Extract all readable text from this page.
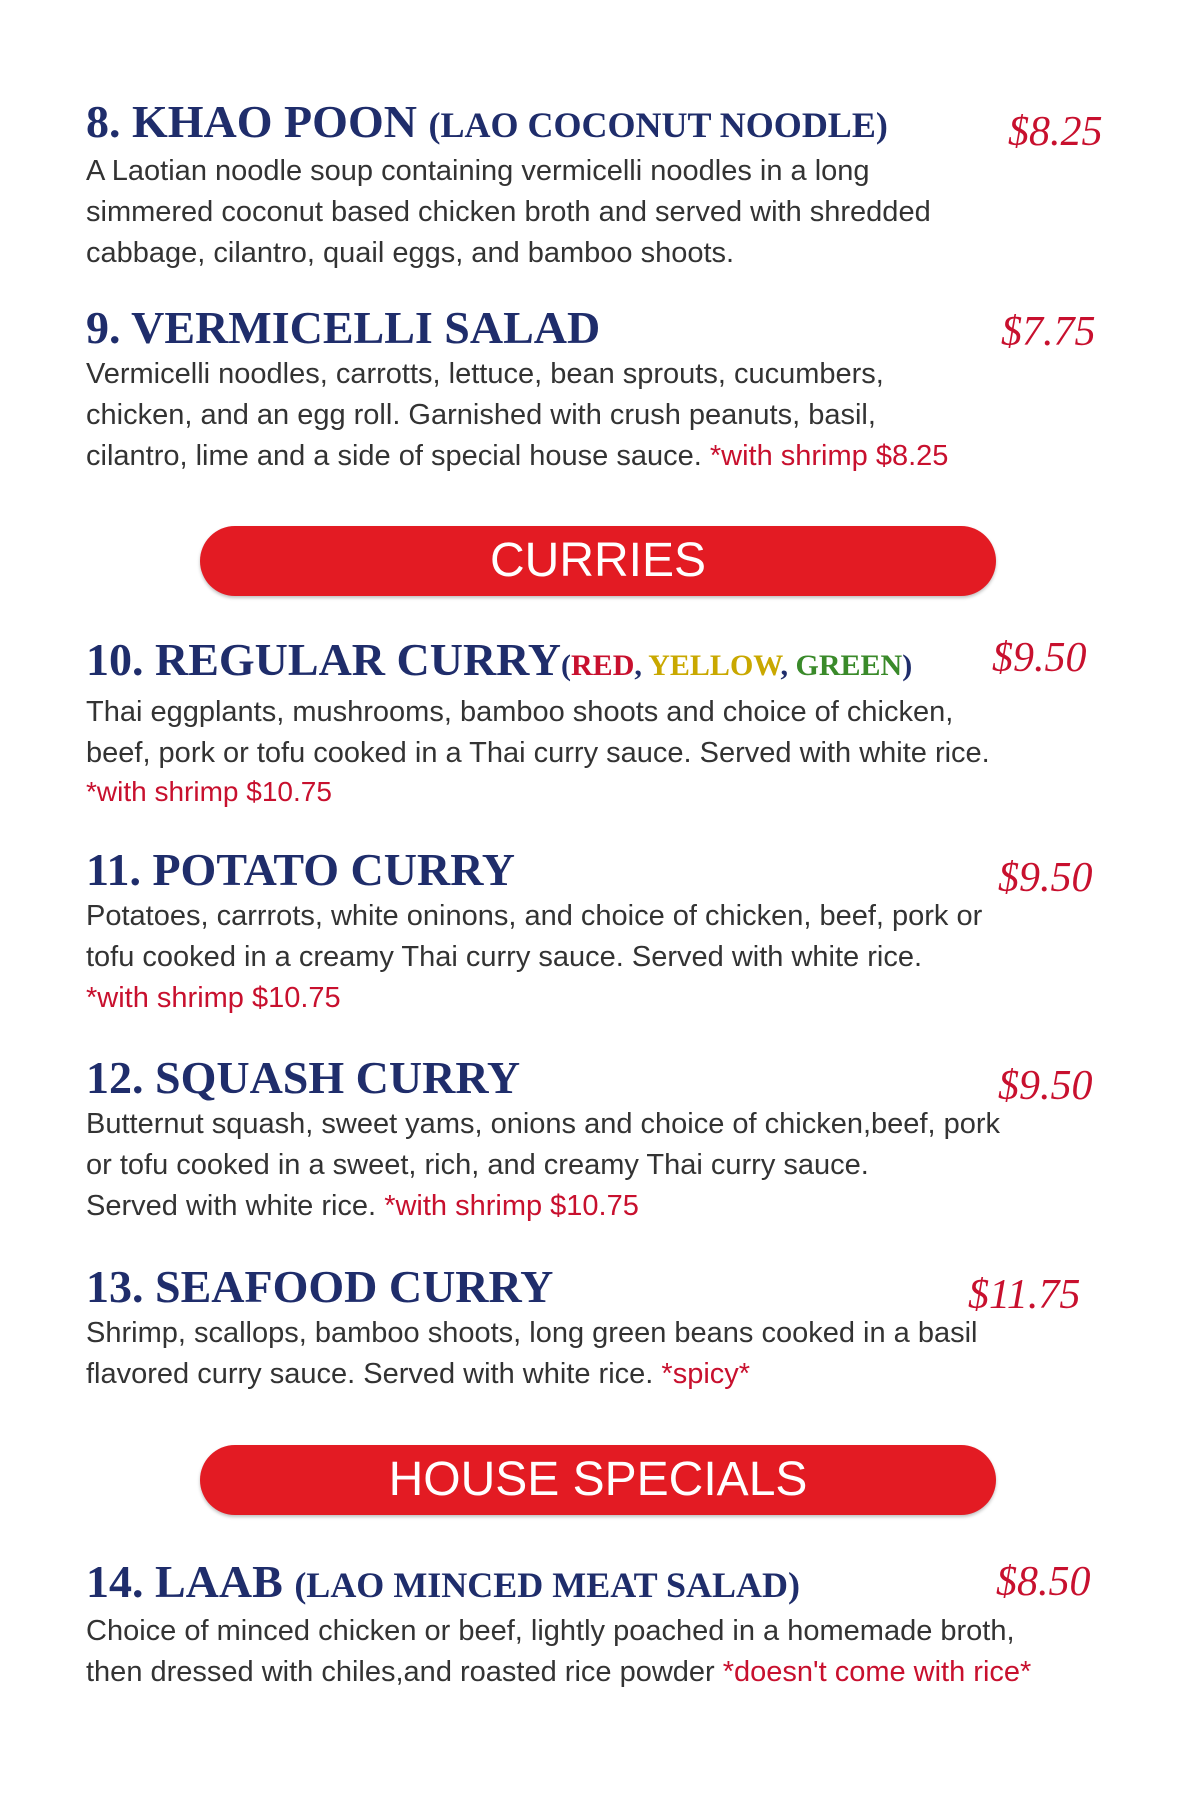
8. KHAO POON (LAO COCONUT NOODLE)	$8.25
A Laotian noodle soup containing vermicelli noodles in a long
simmered coconut based chicken broth and served with shredded
cabbage, cilantro, quail eggs, and bamboo shoots.
9. VERMICELLI SALAD	$7.75
Vermicelli noodles, carrotts, lettuce, bean sprouts, cucumbers,
chicken, and an egg roll. Garnished with crush peanuts, basil,
cilantro, lime and a side of special house sauce. *with shrimp $8.25
CURRIES
10. REGULAR CURRY(RED, YELLOW, GREEN)	$9.50
Thai eggplants, mushrooms, bamboo shoots and choice of chicken,
beef, pork or tofu cooked in a Thai curry sauce. Served with white rice.
*with shrimp $10.75
11. POTATO CURRY	$9.50
Potatoes, carrrots, white oninons, and choice of chicken, beef, pork or
tofu cooked in a creamy Thai curry sauce. Served with white rice.
*with shrimp $10.75
12. SQUASH CURRY	$9.50
Butternut squash, sweet yams, onions and choice of chicken,beef, pork
or tofu cooked in a sweet, rich, and creamy Thai curry sauce.
Served with white rice. *with shrimp $10.75
13. SEAFOOD CURRY	$11.75
Shrimp, scallops, bamboo shoots, long green beans cooked in a basil
flavored curry sauce. Served with white rice. *spicy*
HOUSE SPECIALS
14. LAAB (LAO MINCED MEAT SALAD)	$8.50
Choice of minced chicken or beef, lightly poached in a homemade broth,
then dressed with chiles,and roasted rice powder *doesn't come with rice*
